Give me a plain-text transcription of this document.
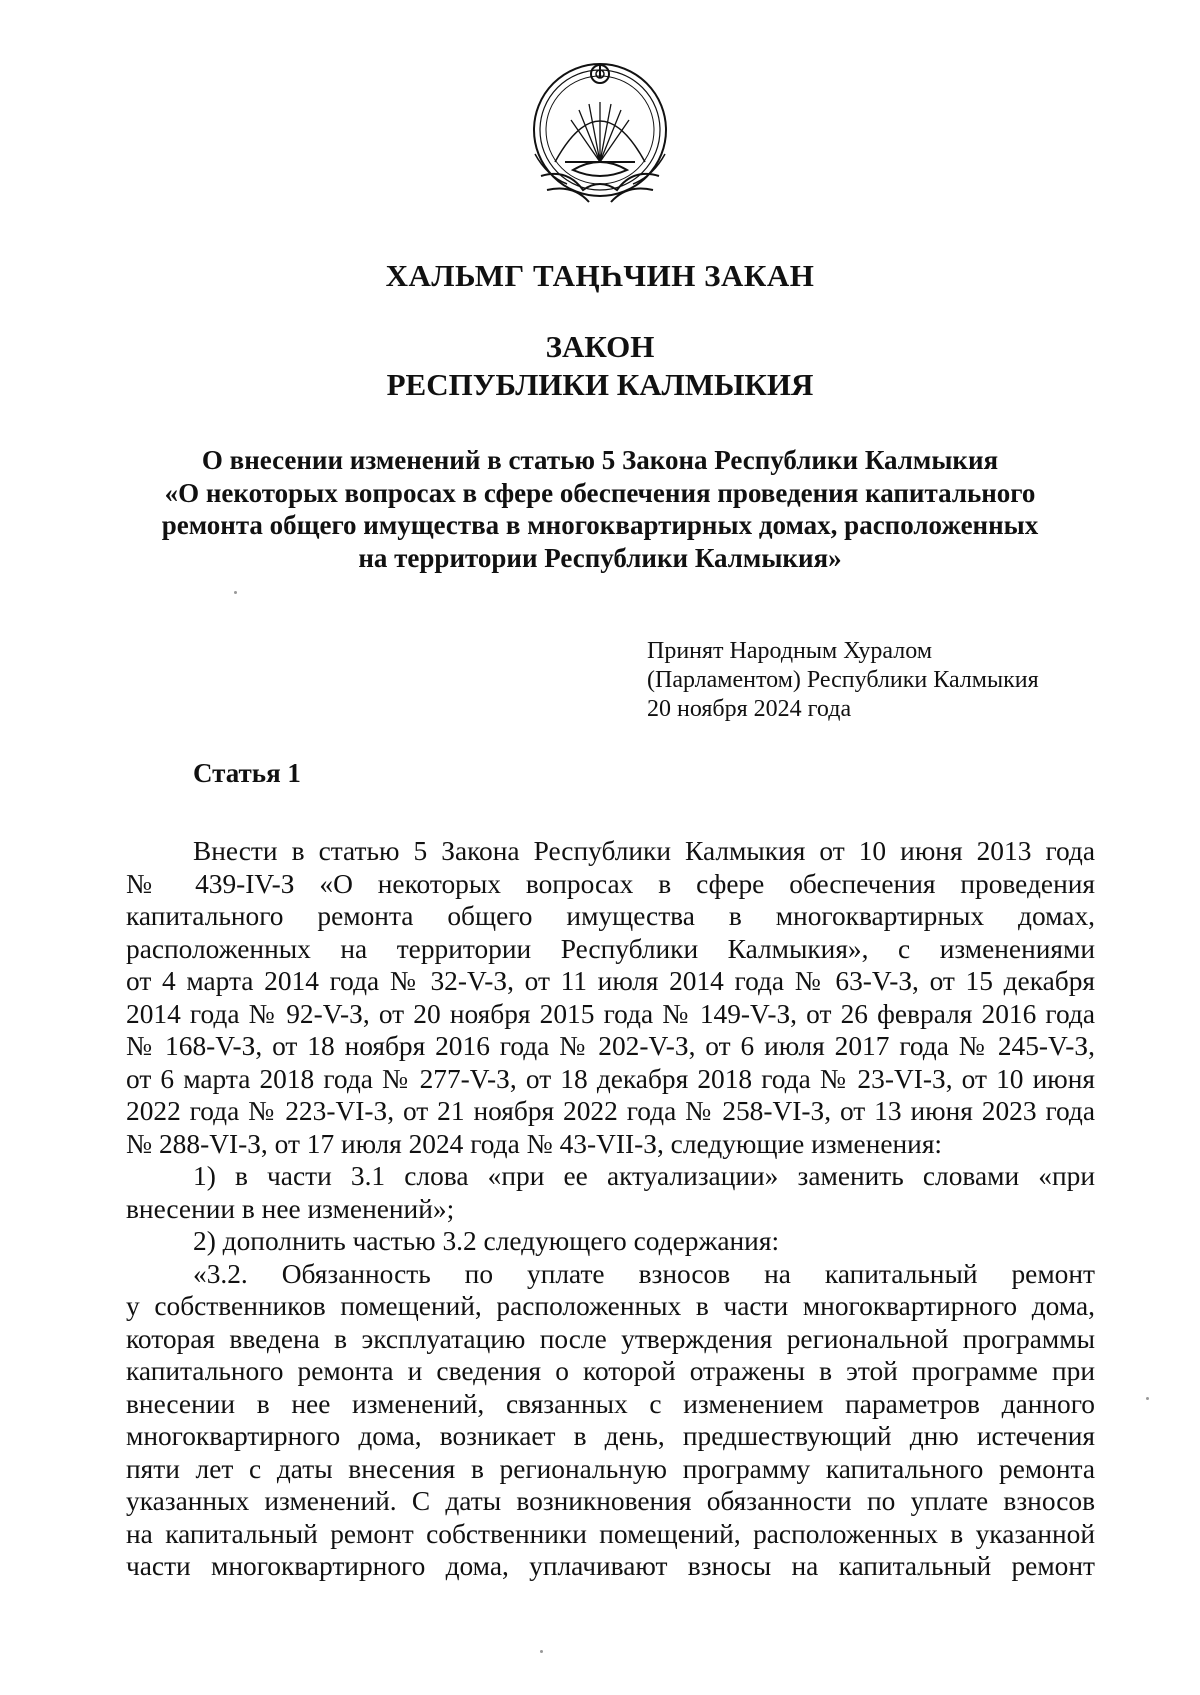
ХАЛЬМГ ТАҢҺЧИН ЗАКАН
ЗАКОН
РЕСПУБЛИКИ КАЛМЫКИЯ
О внесении изменений в статью 5 Закона Республики Калмыкия
«О некоторых вопросах в сфере обеспечения проведения капитального
ремонта общего имущества в многоквартирных домах, расположенных
на территории Республики Калмыкия»
Принят Народным Хуралом
(Парламентом) Республики Калмыкия
20 ноября 2024 года
Статья 1

Внести в статью 5 Закона Республики Калмыкия от 10 июня 2013 года

№ 439-IV-З «О некоторых вопросах в сфере обеспечения проведения

капитального ремонта общего имущества в многоквартирных домах,

расположенных на территории Республики Калмыкия», с изменениями

от 4 марта 2014 года № 32-V-З, от 11 июля 2014 года № 63-V-З, от 15 декабря

2014 года № 92-V-З, от 20 ноября 2015 года № 149-V-З, от 26 февраля 2016 года

№ 168-V-З, от 18 ноября 2016 года № 202-V-З, от 6 июля 2017 года № 245-V-З,

от 6 марта 2018 года № 277-V-З, от 18 декабря 2018 года № 23-VI-З, от 10 июня

2022 года № 223-VI-З, от 21 ноября 2022 года № 258-VI-З, от 13 июня 2023 года

№ 288-VI-З, от 17 июля 2024 года № 43-VII-З, следующие изменения:

1) в части 3.1 слова «при ее актуализации» заменить словами «при

внесении в нее изменений»;

2) дополнить частью 3.2 следующего содержания:

«3.2. Обязанность по уплате взносов на капитальный ремонт

у собственников помещений, расположенных в части многоквартирного дома,

которая введена в эксплуатацию после утверждения региональной программы

капитального ремонта и сведения о которой отражены в этой программе при

внесении в нее изменений, связанных с изменением параметров данного

многоквартирного дома, возникает в день, предшествующий дню истечения

пяти лет с даты внесения в региональную программу капитального ремонта

указанных изменений. С даты возникновения обязанности по уплате взносов

на капитальный ремонт собственники помещений, расположенных в указанной

части многоквартирного дома, уплачивают взносы на капитальный ремонт
